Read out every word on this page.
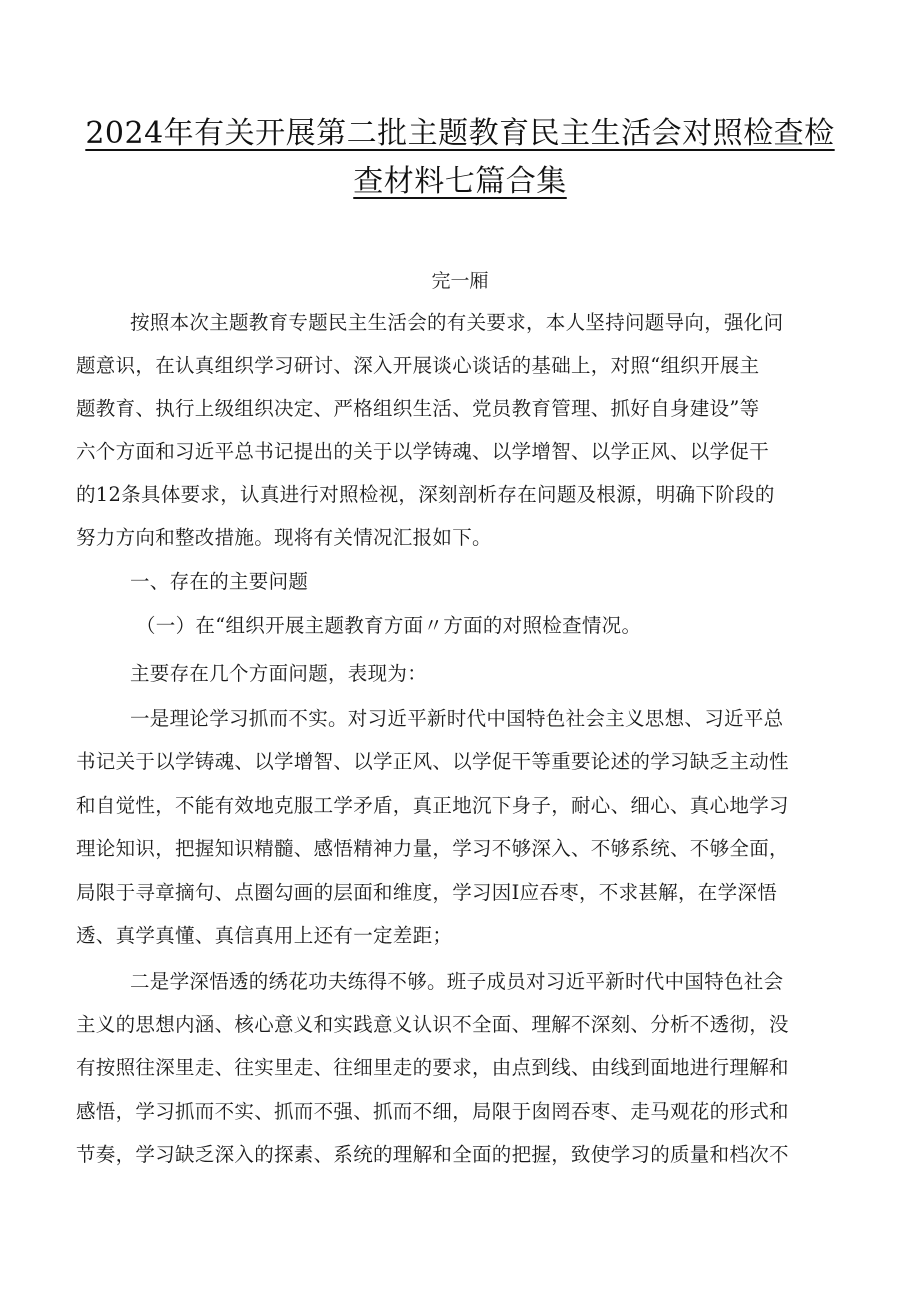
2024年有关开展第二批主题教育民主生活会对照检查检
查材料七篇合集
完一厢
按照本次主题教育专题民主生活会的有关要求，本人坚持问题导向，强化问
题意识，在认真组织学习研讨、深入开展谈心谈话的基础上，对照“组织开展主
题教育、执行上级组织决定、严格组织生活、党员教育管理、抓好自身建设”等
六个方面和习近平总书记提出的关于以学铸魂、以学增智、以学正风、以学促干
的12条具体要求，认真进行对照检视，深刻剖析存在问题及根源，明确下阶段的
努力方向和整改措施。现将有关情况汇报如下。
一、存在的主要问题
（一）在“组织开展主题教育方面〃方面的对照检查情况。
主要存在几个方面问题，表现为：
一是理论学习抓而不实。对习近平新时代中国特色社会主义思想、习近平总
书记关于以学铸魂、以学增智、以学正风、以学促干等重要论述的学习缺乏主动性
和自觉性，不能有效地克服工学矛盾，真正地沉下身子，耐心、细心、真心地学习
理论知识，把握知识精髓、感悟精神力量，学习不够深入、不够系统、不够全面，
局限于寻章摘句、点圈勾画的层面和维度，学习因I应吞枣，不求甚解，在学深悟
透、真学真懂、真信真用上还有一定差距；
二是学深悟透的绣花功夫练得不够。班子成员对习近平新时代中国特色社会
主义的思想内涵、核心意义和实践意义认识不全面、理解不深刻、分析不透彻，没
有按照往深里走、往实里走、往细里走的要求，由点到线、由线到面地进行理解和
感悟，学习抓而不实、抓而不强、抓而不细，局限于囱罔吞枣、走马观花的形式和
节奏，学习缺乏深入的探素、系统的理解和全面的把握，致使学习的质量和档次不
